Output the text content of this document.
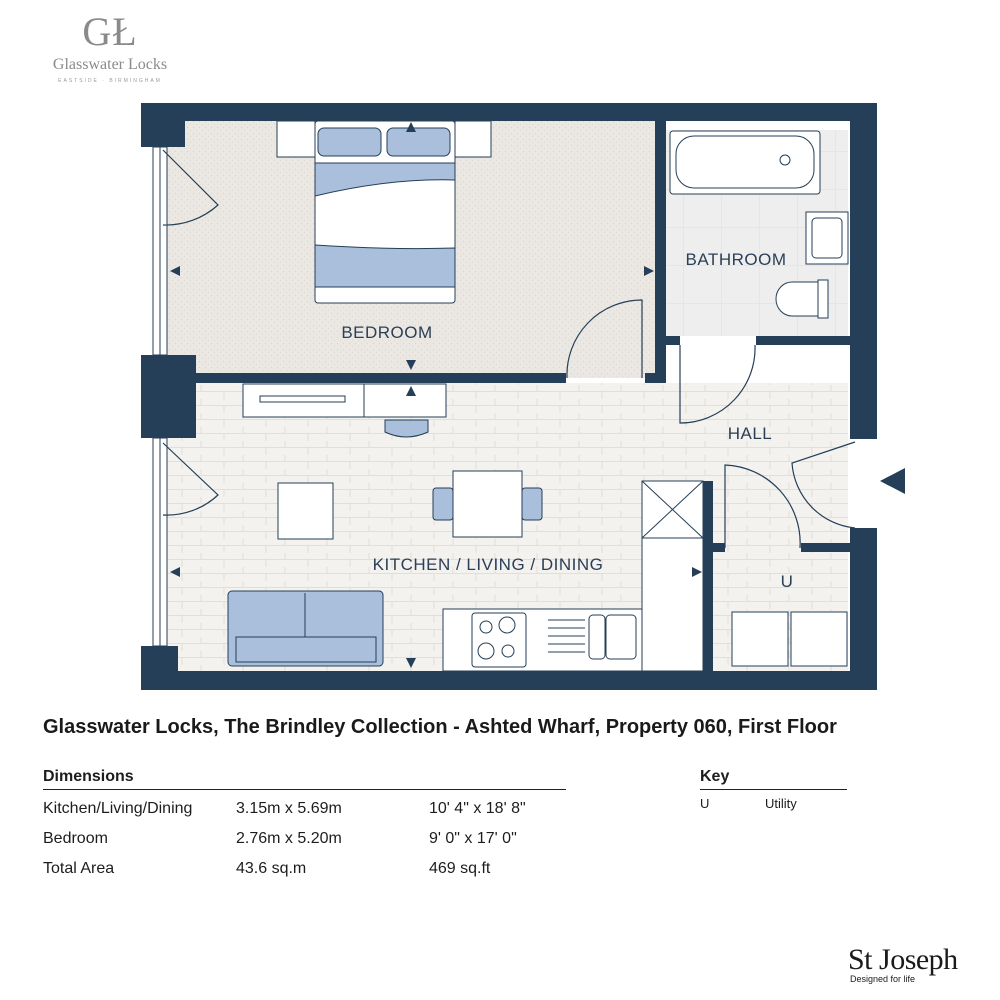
GŁ
Glasswater Locks
EASTSIDE · BIRMINGHAM
BEDROOM
BATHROOM
HALL
KITCHEN / LIVING / DINING
U
Glasswater Locks, The Brindley Collection - Ashted Wharf, Property 060, First Floor
Dimensions
Kitchen/Living/Dining	3.15m x 5.69m	10' 4" x 18' 8"
Bedroom	2.76m x 5.20m	9' 0" x 17' 0"
Total Area	43.6 sq.m	469 sq.ft
Key
U	Utility
St Joseph
Designed for life
